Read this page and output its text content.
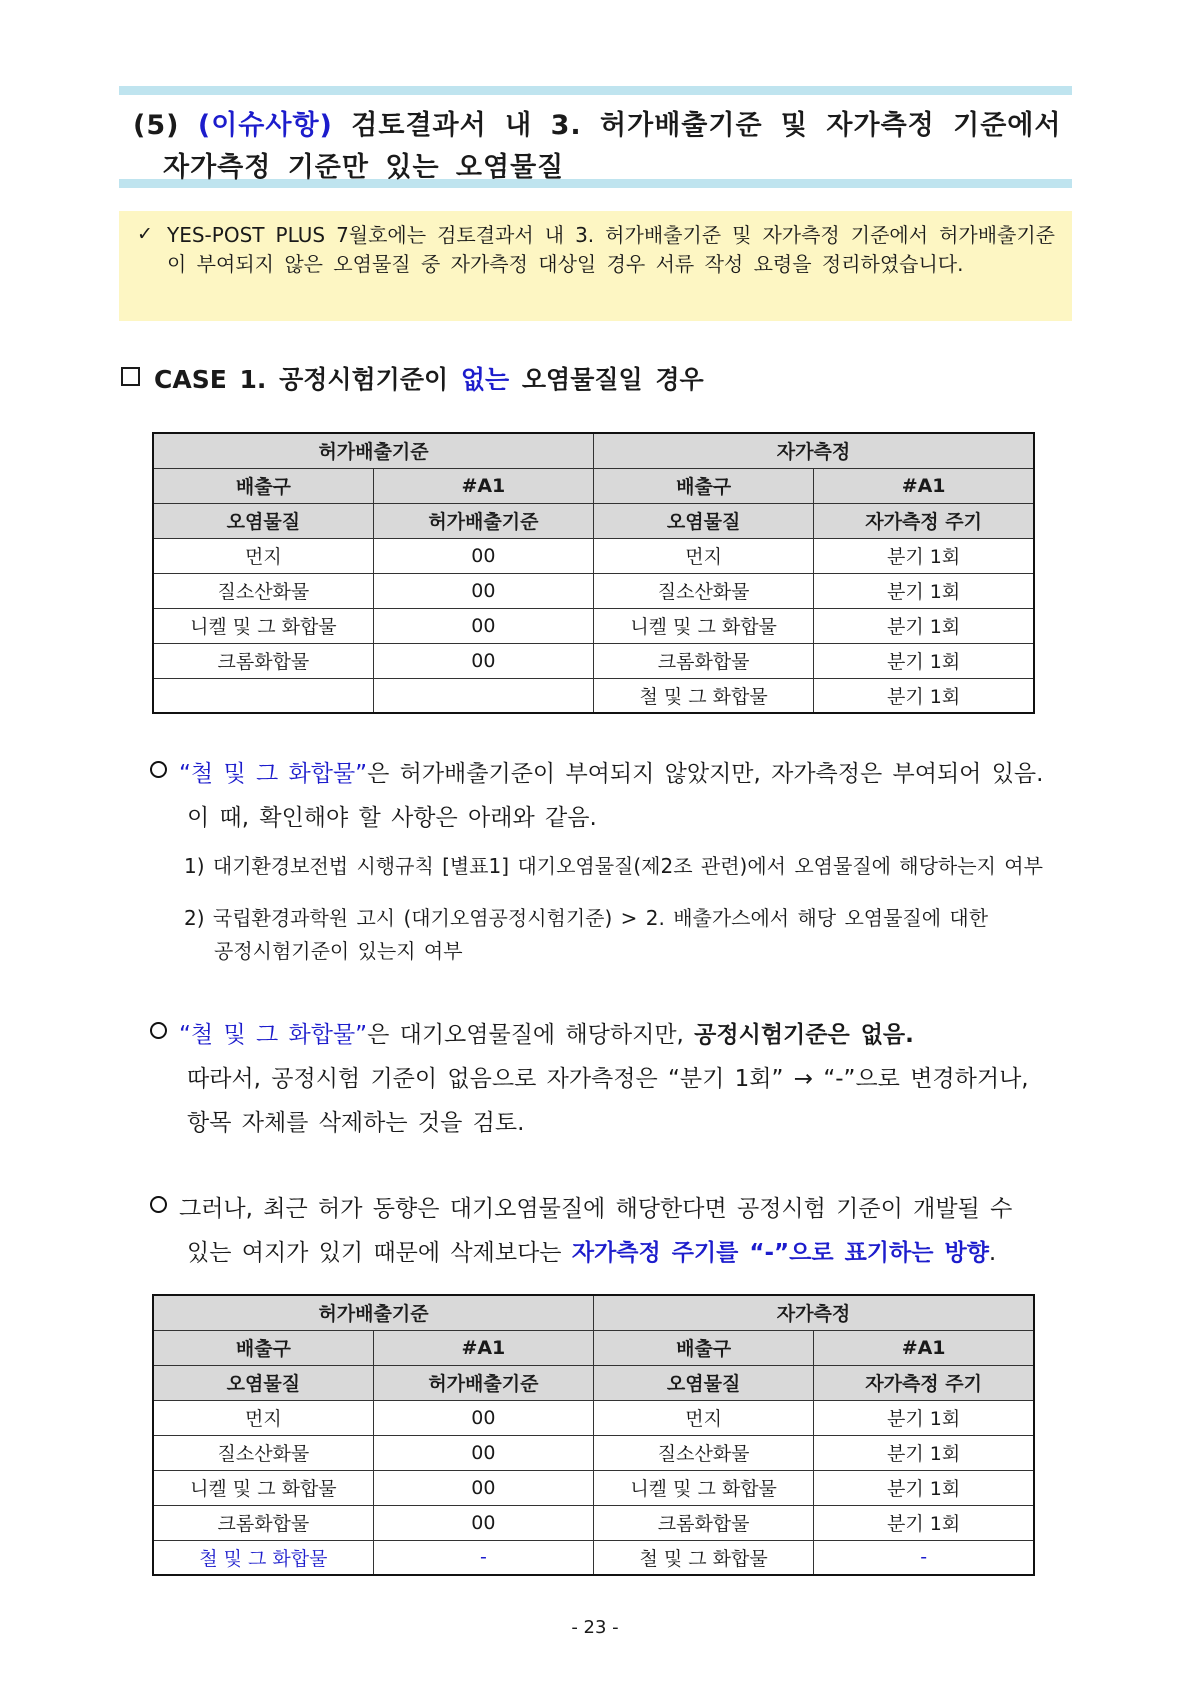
(5) (이슈사항) 검토결과서 내 3. 허가배출기준 및 자가측정 기준에서
자가측정 기준만 있는 오염물질
✓ YES-POST PLUS 7월호에는 검토결과서 내 3. 허가배출기준 및 자가측정 기준에서 허가배출기준이 부여되지 않은 오염물질 중 자가측정 대상일 경우 서류 작성 요령을 정리하였습니다.
CASE 1. 공정시험기준이 없는 오염물질일 경우
허가배출기준		자가측정	
배출구	#A1	배출구	#A1
오염물질	허가배출기준	오염물질	자가측정 주기
먼지	00	먼지	분기 1회
질소산화물	00	질소산화물	분기 1회
니켈 및 그 화합물	00	니켈 및 그 화합물	분기 1회
크롬화합물	00	크롬화합물	분기 1회
		철 및 그 화합물	분기 1회
“철 및 그 화합물”은 허가배출기준이 부여되지 않았지만, 자가측정은 부여되어 있음.
이 때, 확인해야 할 사항은 아래와 같음.
1) 대기환경보전법 시행규칙 [별표1] 대기오염물질(제2조 관련)에서 오염물질에 해당하는지 여부
2) 국립환경과학원 고시 (대기오염공정시험기준) > 2. 배출가스에서 해당 오염물질에 대한
공정시험기준이 있는지 여부
“철 및 그 화합물”은 대기오염물질에 해당하지만, 공정시험기준은 없음.
따라서, 공정시험 기준이 없음으로 자가측정은 “분기 1회” → “-”으로 변경하거나,
항목 자체를 삭제하는 것을 검토.
그러나, 최근 허가 동향은 대기오염물질에 해당한다면 공정시험 기준이 개발될 수
있는 여지가 있기 때문에 삭제보다는 자가측정 주기를 “-”으로 표기하는 방향.
허가배출기준		자가측정	
배출구	#A1	배출구	#A1
오염물질	허가배출기준	오염물질	자가측정 주기
먼지	00	먼지	분기 1회
질소산화물	00	질소산화물	분기 1회
니켈 및 그 화합물	00	니켈 및 그 화합물	분기 1회
크롬화합물	00	크롬화합물	분기 1회
철 및 그 화합물	-	철 및 그 화합물	-
- 23 -
